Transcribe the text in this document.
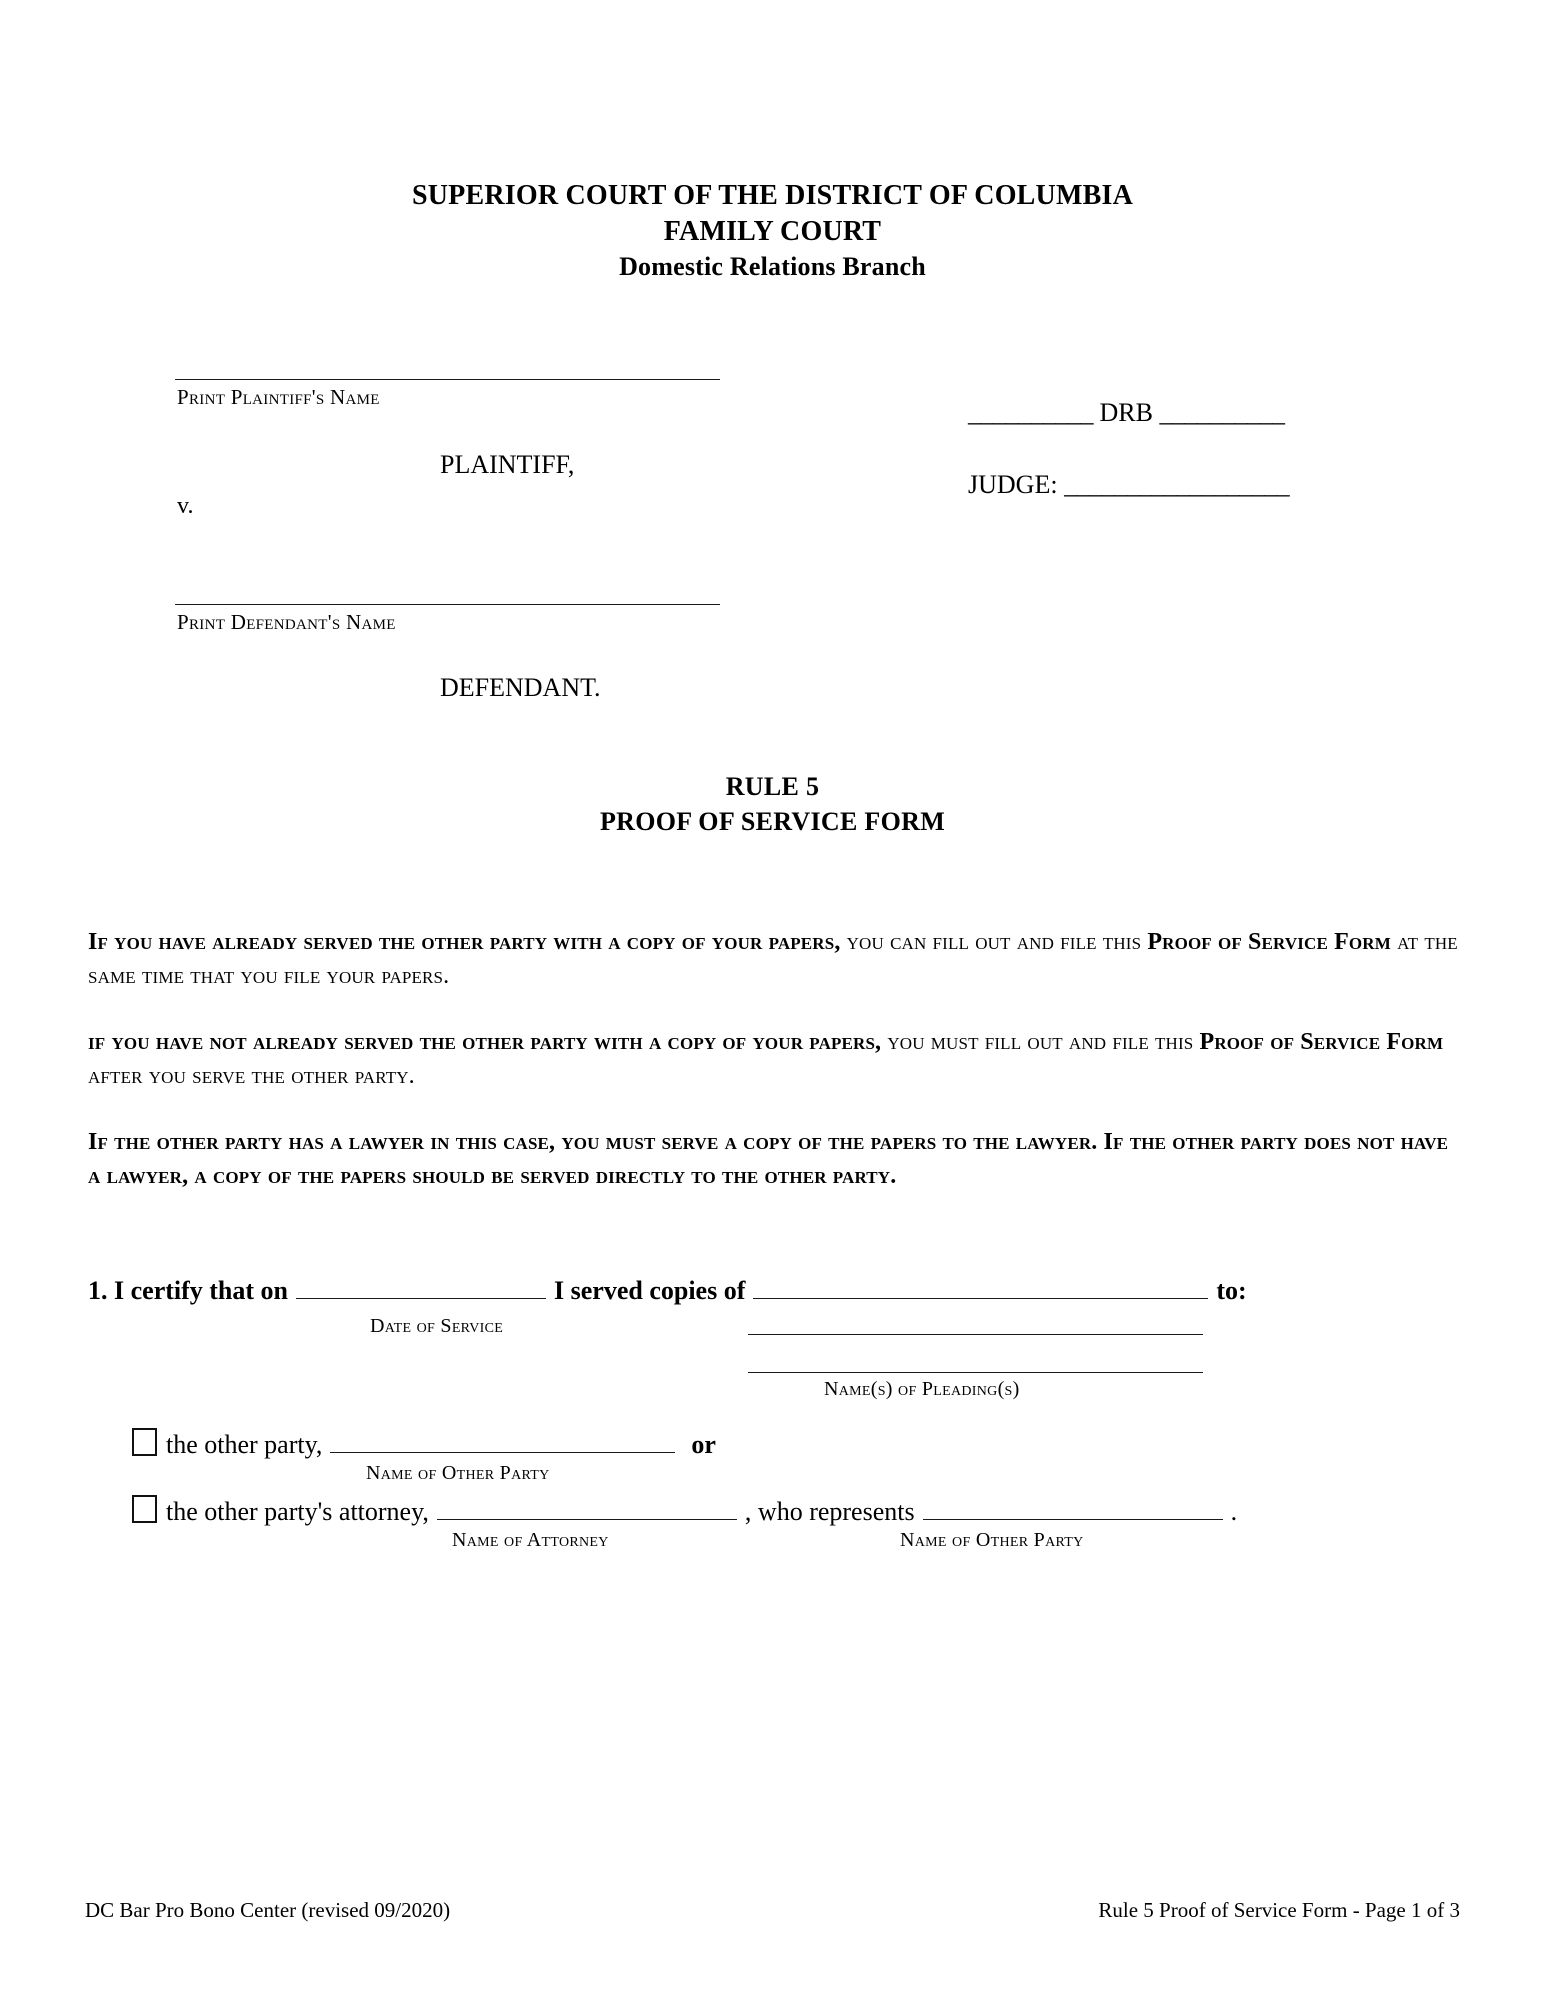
SUPERIOR COURT OF THE DISTRICT OF COLUMBIA
FAMILY COURT
Domestic Relations Branch
Print Plaintiff's Name
PLAINTIFF,
v.
Print Defendant's Name
DEFENDANT.
__________ DRB __________
JUDGE: __________________
RULE 5
PROOF OF SERVICE FORM

If you have already served the other party with a copy of your papers, you can fill out and file this Proof of Service Form at the same time that you file your papers.

if you have not already served the other party with a copy of your papers, you must fill out and file this Proof of Service Form after you serve the other party.

If the other party has a lawyer in this case, you must serve a copy of the papers to the lawyer. If the other party does not have a lawyer, a copy of the papers should be served directly to the other party.

1. I certify that on	I served copies of	to:
Date of Service
Name(s) of Pleading(s)
the other party,	or
Name of Other Party
the other party's attorney,	, who represents	.
Name of Attorney	Name of Other Party
DC Bar Pro Bono Center (revised 09/2020)	Rule 5 Proof of Service Form - Page 1 of 3
